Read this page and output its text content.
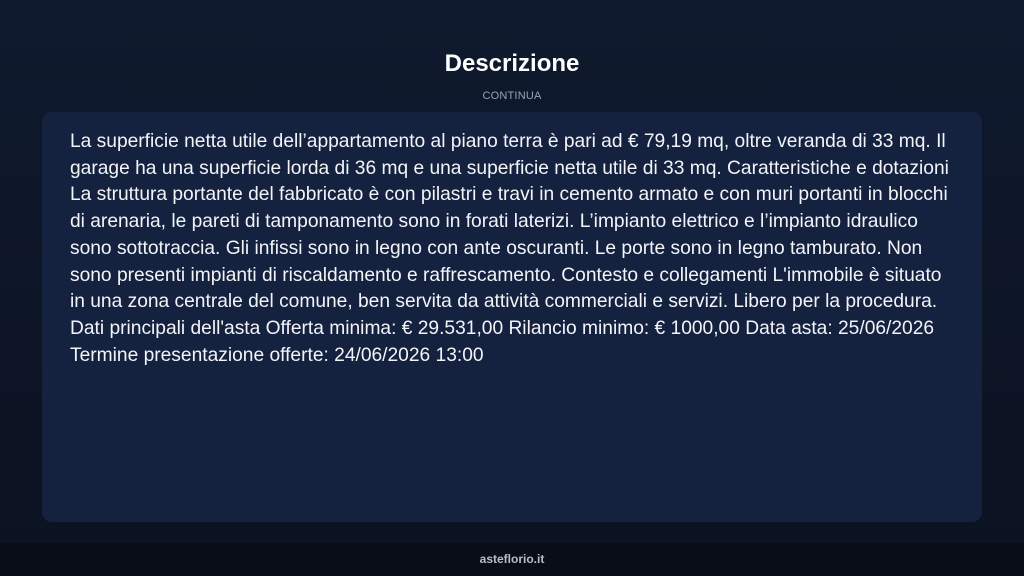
Descrizione
CONTINUA

La superficie netta utile dell’appartamento al piano terra è pari ad € 79,19 mq, oltre veranda di 33 mq. Il garage ha una superficie lorda di 36 mq e una superficie netta utile di 33 mq. Caratteristiche e dotazioni La struttura portante del fabbricato è con pilastri e travi in cemento armato e con muri portanti in blocchi di arenaria, le pareti di tamponamento sono in forati laterizi. L’impianto elettrico e l’impianto idraulico sono sottotraccia. Gli infissi sono in legno con ante oscuranti. Le porte sono in legno tamburato. Non sono presenti impianti di riscaldamento e raffrescamento. Contesto e collegamenti L'immobile è situato in una zona centrale del comune, ben servita da attività commerciali e servizi. Libero per la procedura. Dati principali dell'asta Offerta minima: € 29.531,00 Rilancio minimo: € 1000,00 Data asta: 25/06/2026 Termine presentazione offerte: 24/06/2026 13:00

asteflorio.it
